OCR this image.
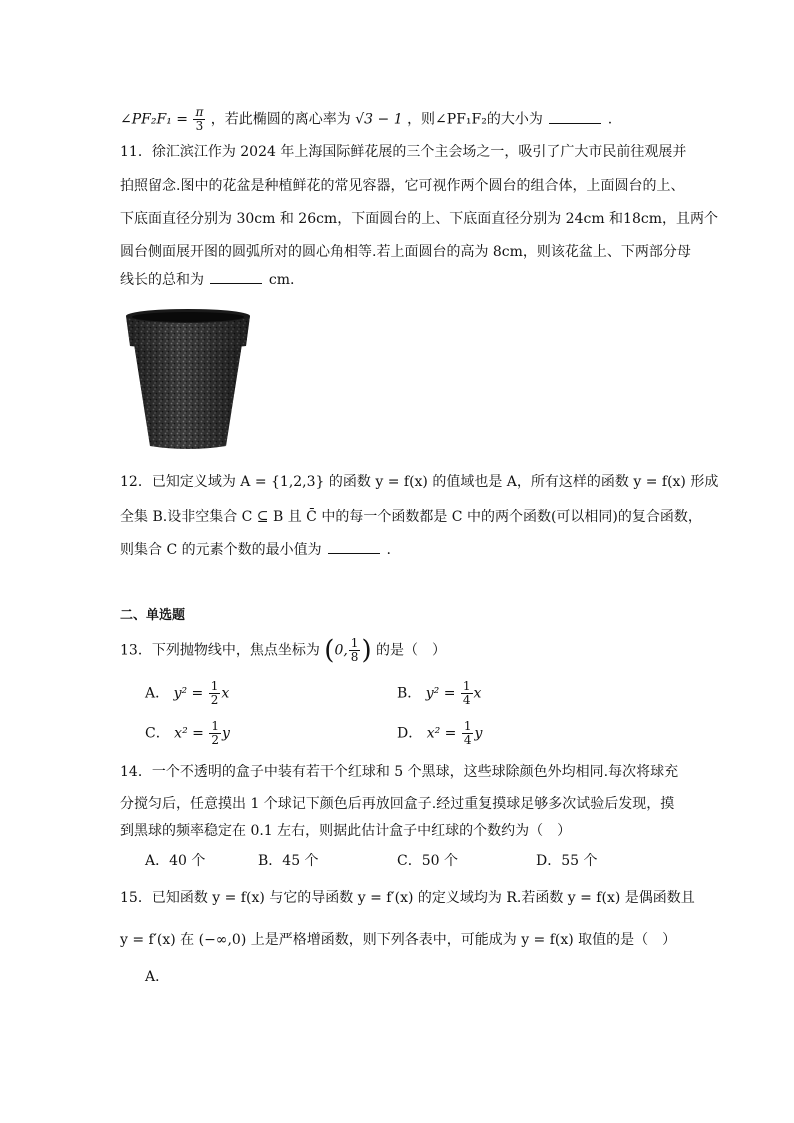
∠PF₂F₁ = $\frac{\pi}{3}$ ，若此椭圆的离心率为 √3 − 1 ，则∠PF₁F₂的大小为	.
11．徐汇滨江作为 2024 年上海国际鲜花展的三个主会场之一，吸引了广大市民前往观展并
拍照留念.图中的花盆是种植鲜花的常见容器，它可视作两个圆台的组合体，上面圆台的上、
下底面直径分别为 30cm 和 26cm，下面圆台的上、下底面直径分别为 24cm 和18cm，且两个
圆台侧面展开图的圆弧所对的圆心角相等.若上面圆台的高为 8cm，则该花盆上、下两部分母
线长的总和为	cm.
12．已知定义域为 A = {1,2,3} 的函数 y = f(x) 的值域也是 A，所有这样的函数 y = f(x) 形成
全集 B.设非空集合 C ⊆ B 且 C̄ 中的每一个函数都是 C 中的两个函数(可以相同)的复合函数，
则集合 C 的元素个数的最小值为	.
二、单选题
13．下列抛物线中，焦点坐标为 (0, $\frac{1}{8}$ ) 的是（　）
A． $y^2 = \frac{1}{2}$ x	B． $y^2 = \frac{1}{4}$ x
C． $x^2 = \frac{1}{2}$ y	D． $x^2 = \frac{1}{4}$ y
14．一个不透明的盒子中装有若干个红球和 5 个黑球，这些球除颜色外均相同.每次将球充
分搅匀后，任意摸出 1 个球记下颜色后再放回盒子.经过重复摸球足够多次试验后发现，摸
到黑球的频率稳定在 0.1 左右，则据此估计盒子中红球的个数约为（　）
A．40 个	B．45 个	C．50 个	D．55 个
15．已知函数 y = f(x) 与它的导函数 y = f′(x) 的定义域均为 R.若函数 y = f(x) 是偶函数且
y = f′(x) 在 (−∞,0) 上是严格增函数，则下列各表中，可能成为 y = f(x) 取值的是（　）
A．
